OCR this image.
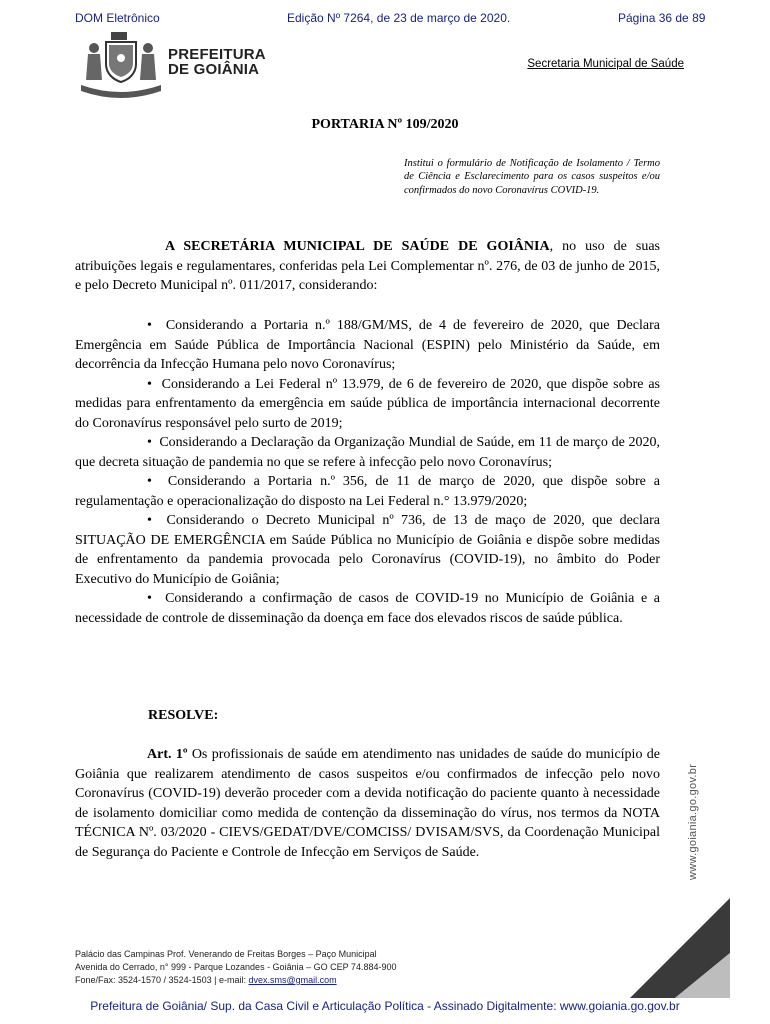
DOM Eletrônico	Edição Nº 7264, de 23 de março de 2020.	Página 36 de 89
PREFEITURA
DE GOIÂNIA	Secretaria Municipal de Saúde
PORTARIA Nº 109/2020
Institui o formulário de Notificação de Isolamento / Termo de Ciência e Esclarecimento para os casos suspeitos e/ou confirmados do novo Coronavírus COVID-19.

A SECRETÁRIA MUNICIPAL DE SAÚDE DE GOIÂNIA, no uso de suas atribuições legais e regulamentares, conferidas pela Lei Complementar nº. 276, de 03 de junho de 2015, e pelo Decreto Municipal nº. 011/2017, considerando:

•  Considerando a Portaria n.º 188/GM/MS, de 4 de fevereiro de 2020, que Declara Emergência em Saúde Pública de Importância Nacional (ESPIN) pelo Ministério da Saúde, em decorrência da Infecção Humana pelo novo Coronavírus;

•  Considerando a Lei Federal nº 13.979, de 6 de fevereiro de 2020, que dispõe sobre as medidas para enfrentamento da emergência em saúde pública de importância internacional decorrente do Coronavírus responsável pelo surto de 2019;

•  Considerando a Declaração da Organização Mundial de Saúde, em 11 de março de 2020, que decreta situação de pandemia no que se refere à infecção pelo novo Coronavírus;

•  Considerando a Portaria n.º 356, de 11 de março de 2020, que dispõe sobre a regulamentação e operacionalização do disposto na Lei Federal n.° 13.979/2020;

•  Considerando o Decreto Municipal nº 736, de 13 de maço de 2020, que declara SITUAÇÃO DE EMERGÊNCIA em Saúde Pública no Município de Goiânia e dispõe sobre medidas de enfrentamento da pandemia provocada pelo Coronavírus (COVID-19), no âmbito do Poder Executivo do Município de Goiânia;

•  Considerando a confirmação de casos de COVID-19 no Município de Goiânia e a necessidade de controle de disseminação da doença em face dos elevados riscos de saúde pública.

RESOLVE:

Art. 1º Os profissionais de saúde em atendimento nas unidades de saúde do município de Goiânia que realizarem atendimento de casos suspeitos e/ou confirmados de infecção pelo novo Coronavírus (COVID-19) deverão proceder com a devida notificação do paciente quanto à necessidade de isolamento domiciliar como medida de contenção da disseminação do vírus, nos termos da NOTA TÉCNICA Nº. 03/2020 - CIEVS/GEDAT/DVE/COMCISS/ DVISAM/SVS, da Coordenação Municipal de Segurança do Paciente e Controle de Infecção em Serviços de Saúde.	www.goiania.go.gov.br
Palácio das Campinas Prof. Venerando de Freitas Borges – Paço Municipal
Avenida do Cerrado, n° 999 - Parque Lozandes - Goiânia – GO CEP 74.884-900
Fone/Fax: 3524-1570 / 3524-1503 | e-mail: dvex.sms@gmail.com
Prefeitura de Goiânia/ Sup. da Casa Civil e Articulação Política - Assinado Digitalmente: www.goiania.go.gov.br
